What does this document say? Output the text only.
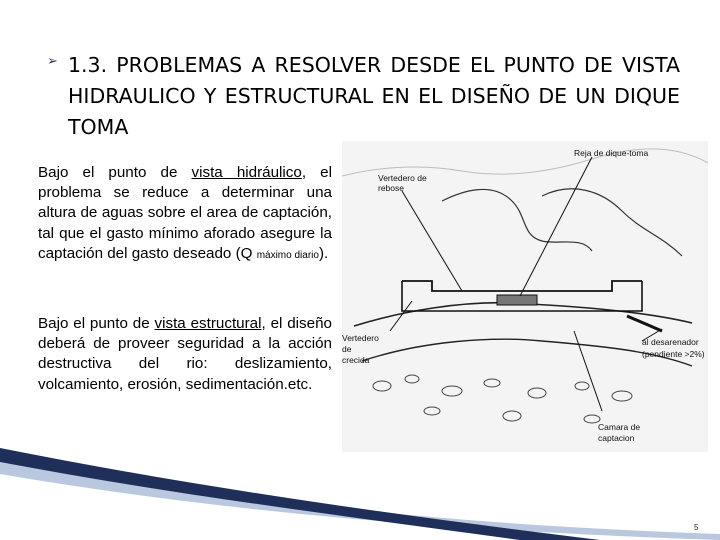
➢ 1.3. PROBLEMAS A RESOLVER DESDE EL PUNTO DE VISTA HIDRAULICO Y ESTRUCTURAL EN EL DISEÑO DE UN DIQUE TOMA

Bajo el punto de vista hidráulico, el problema se reduce a determinar una altura de aguas sobre el area de captación, tal que el gasto mínimo aforado asegure la captación del gasto deseado (Q máximo diario).

Bajo el punto de vista estructural, el diseño deberá de proveer seguridad a la acción destructiva del rio: deslizamiento, volcamiento, erosión, sedimentación.etc.

Reja de dique-toma
Vertedero de
rebose
Vertedero
de
crecida
al desarenador
(pendiente >2%)
Camara de
captacion
5
